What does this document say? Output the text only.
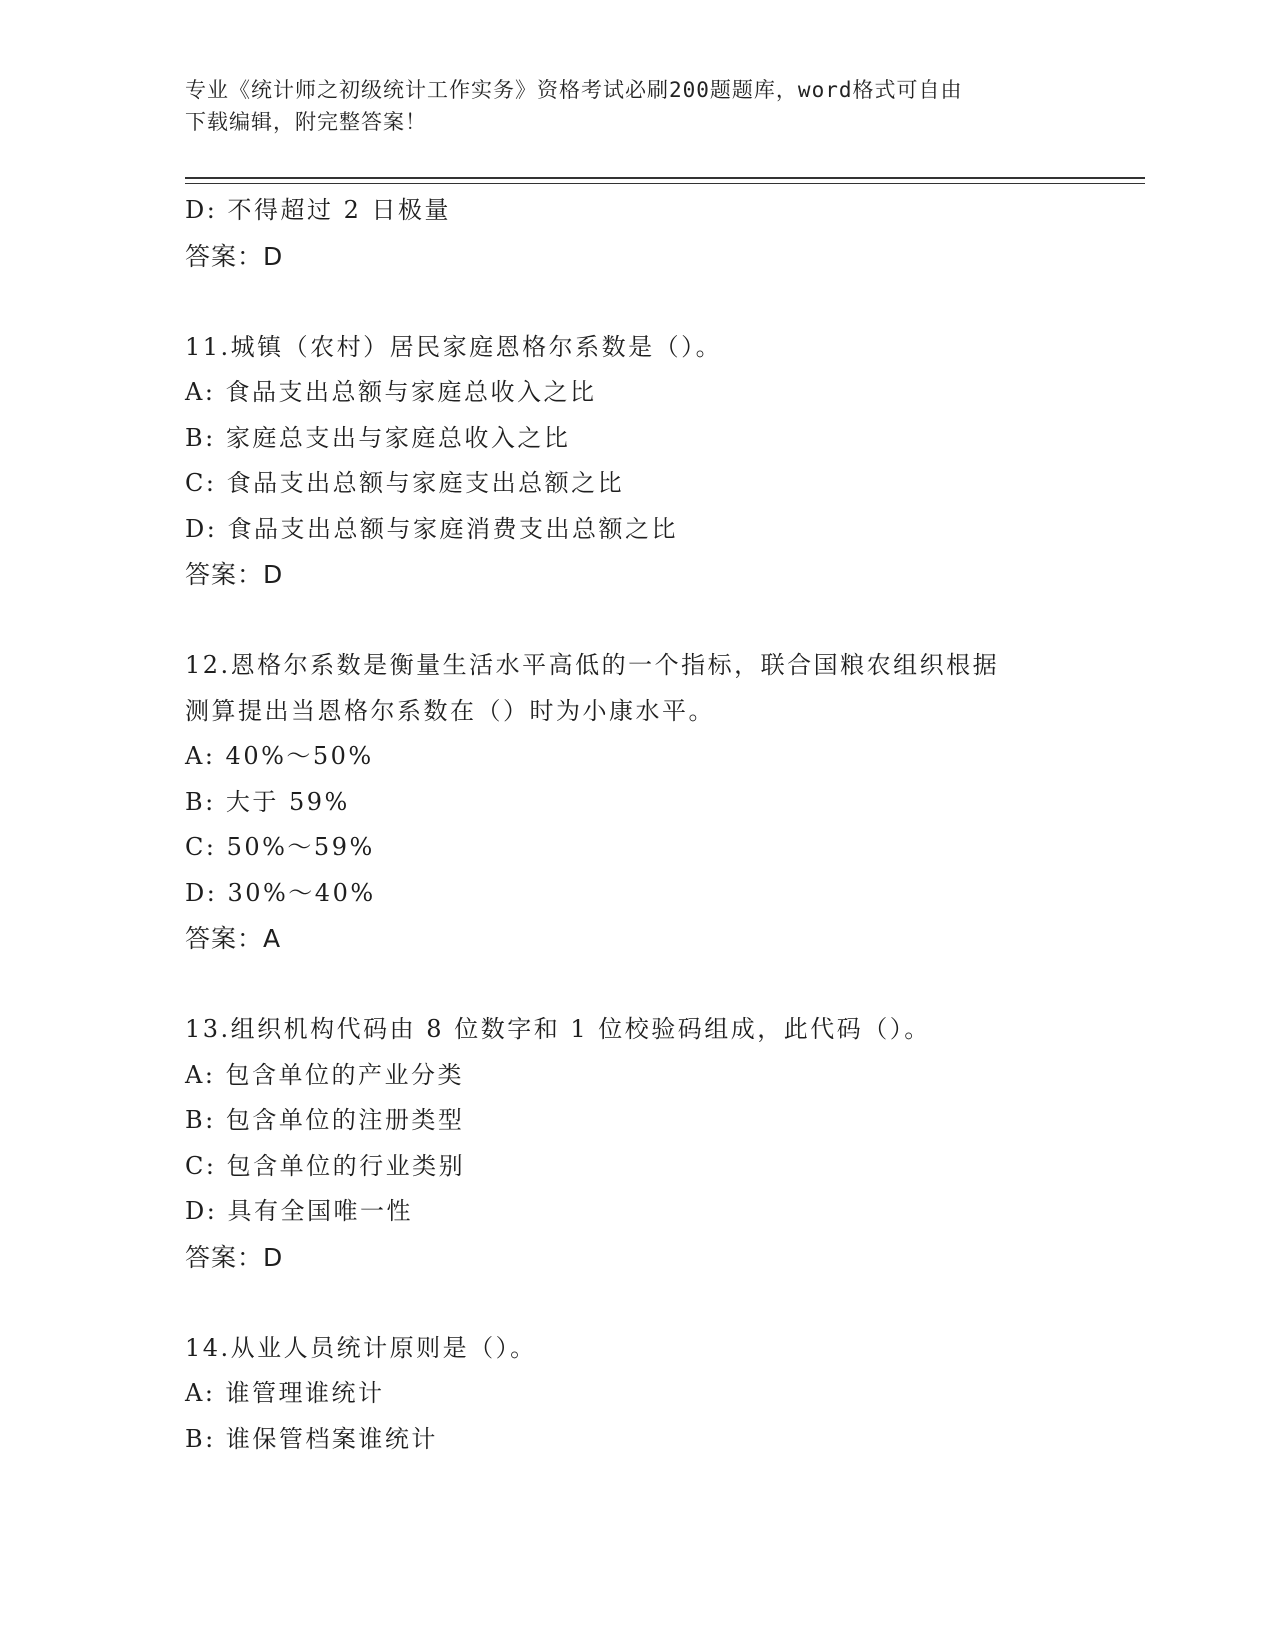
专业《统计师之初级统计工作实务》资格考试必刷200题题库，word格式可自由
下载编辑，附完整答案！
D: 不得超过 2 日极量
答案：D
11.城镇（农村）居民家庭恩格尔系数是（）。
A: 食品支出总额与家庭总收入之比
B: 家庭总支出与家庭总收入之比
C: 食品支出总额与家庭支出总额之比
D: 食品支出总额与家庭消费支出总额之比
答案：D
12.恩格尔系数是衡量生活水平高低的一个指标，联合国粮农组织根据
测算提出当恩格尔系数在（）时为小康水平。
A: 40%～50%
B: 大于 59%
C: 50%～59%
D: 30%～40%
答案：A
13.组织机构代码由 8 位数字和 1 位校验码组成，此代码（）。
A: 包含单位的产业分类
B: 包含单位的注册类型
C: 包含单位的行业类别
D: 具有全国唯一性
答案：D
14.从业人员统计原则是（）。
A: 谁管理谁统计
B: 谁保管档案谁统计
